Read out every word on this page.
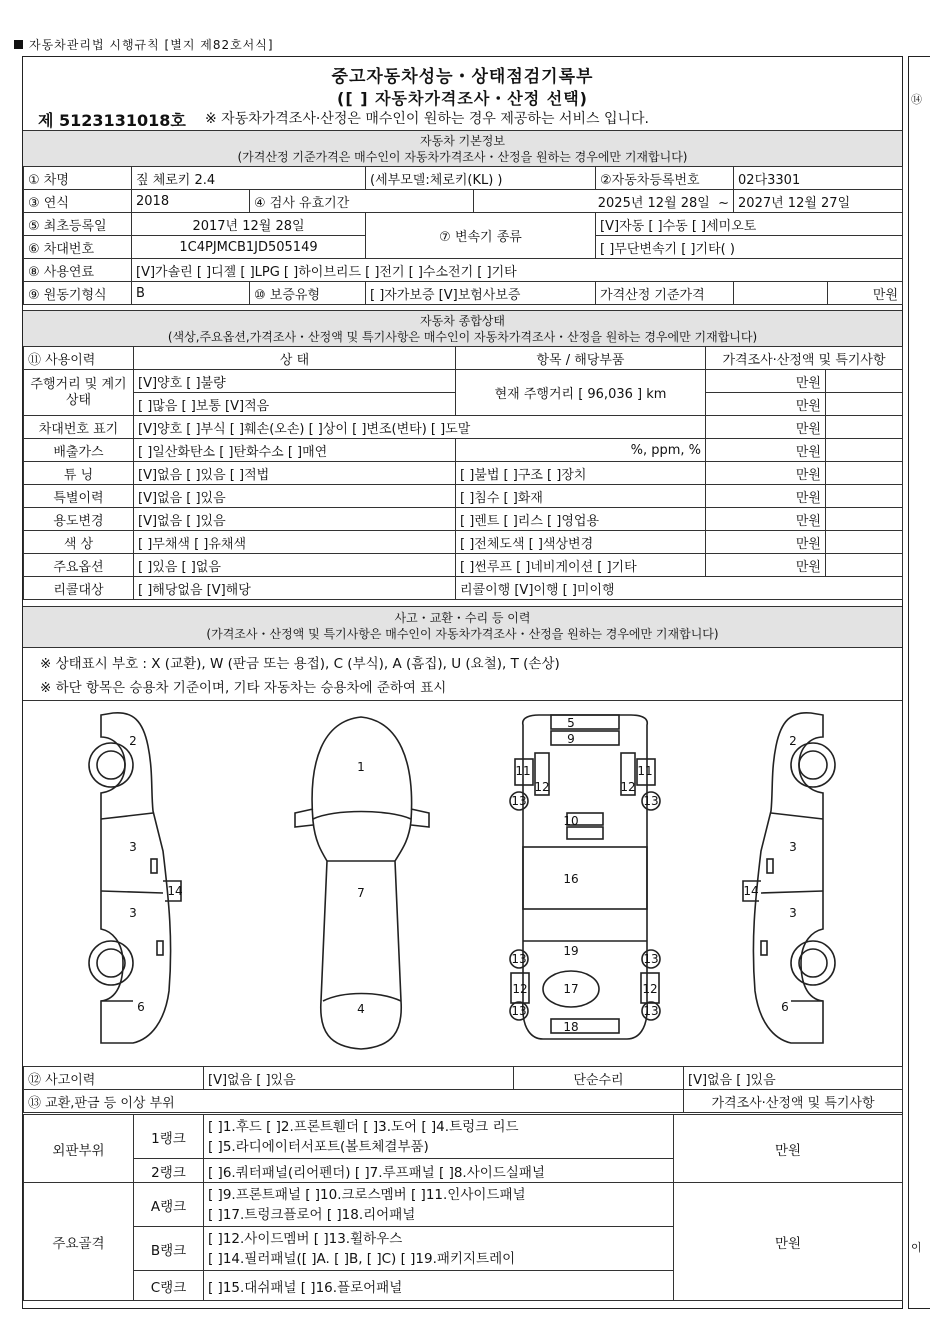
자동차관리법 시행규칙 [별지 제82호서식]
⑭
이
중고자동차성능・상태점검기록부
([ ] 자동차가격조사・산정 선택)
제 5123131018호 ※ 자동차가격조사·산정은 매수인이 원하는 경우 제공하는 서비스 입니다.
자동차 기본정보
(가격산정 기준가격은 매수인이 자동차가격조사・산정을 원하는 경우에만 기재합니다)
① 차명	짚 체로키 2.4		(세부모델:체로키(KL) )		②자동차등록번호	02다3301	
③ 연식	2018	④ 검사 유효기간		2025년 12월 28일 ~		2027년 12월 27일	
⑤ 최초등록일	2017년 12월 28일		⑦ 변속기 종류		[V]자동 [ ]수동 [ ]세미오토		
⑥ 차대번호	1C4PJMCB1JD505149				[ ]무단변속기 [ ]기타( )		
⑧ 사용연료	[V]가솔린 [ ]디젤 [ ]LPG [ ]하이브리드 [ ]전기 [ ]수소전기 [ ]기타						
⑨ 원동기형식	B	⑩ 보증유형	[ ]자가보증 [V]보험사보증		가격산정 기준가격		만원
자동차 종합상태
(색상,주요옵션,가격조사・산정액 및 특기사항은 매수인이 자동차가격조사・산정을 원하는 경우에만 기재합니다)
⑪ 사용이력	상 태	항목 / 해당부품	가격조사·산정액 및 특기사항	
주행거리 및 계기상태	[V]양호 [ ]불량	현재 주행거리 [ 96,036 ] km	만원	
	[ ]많음 [ ]보통 [V]적음		만원	
차대번호 표기	[V]양호 [ ]부식 [ ]훼손(오손) [ ]상이 [ ]변조(변타) [ ]도말		만원	
배출가스	[ ]일산화탄소 [ ]탄화수소 [ ]매연	%, ppm, %	만원	
튜 닝	[V]없음 [ ]있음 [ ]적법	[ ]불법 [ ]구조 [ ]장치	만원	
특별이력	[V]없음 [ ]있음	[ ]침수 [ ]화재	만원	
용도변경	[V]없음 [ ]있음	[ ]렌트 [ ]리스 [ ]영업용	만원	
색 상	[ ]무채색 [ ]유채색	[ ]전체도색 [ ]색상변경	만원	
주요옵션	[ ]있음 [ ]없음	[ ]썬루프 [ ]네비게이션 [ ]기타	만원	
리콜대상	[ ]해당없음 [V]해당	리콜이행 [V]이행 [ ]미이행		
사고・교환・수리 등 이력
(가격조사・산정액 및 특기사항은 매수인이 자동차가격조사・산정을 원하는 경우에만 기재합니다)
※ 상태표시 부호 : X (교환), W (판금 또는 용접), C (부식), A (흠집), U (요철), T (손상)
※ 하단 항목은 승용차 기준이며, 기타 자동차는 승용차에 준하여 표시
2
3
3
14
6
1
7
4
5
9
11	11
12	12
13	13
10
16
19
13	13
12	12
17
13	13
18
2
3
3
14
6
⑫ 사고이력	[V]없음 [ ]있음	단순수리	[V]없음 [ ]있음
⑬ 교환,판금 등 이상 부위			가격조사·산정액 및 특기사항
외판부위	1랭크	[ ]1.후드 [ ]2.프론트휀더 [ ]3.도어 [ ]4.트렁크 리드
[ ]5.라디에이터서포트(볼트체결부품)	만원
	2랭크	[ ]6.쿼터패널(리어펜더) [ ]7.루프패널 [ ]8.사이드실패널	
주요골격	A랭크	[ ]9.프론트패널 [ ]10.크로스멤버 [ ]11.인사이드패널
[ ]17.트렁크플로어 [ ]18.리어패널	만원
	B랭크	[ ]12.사이드멤버 [ ]13.휠하우스
[ ]14.필러패널([ ]A. [ ]B, [ ]C) [ ]19.패키지트레이	

	C랭크	[ ]15.대쉬패널 [ ]16.플로어패널	
